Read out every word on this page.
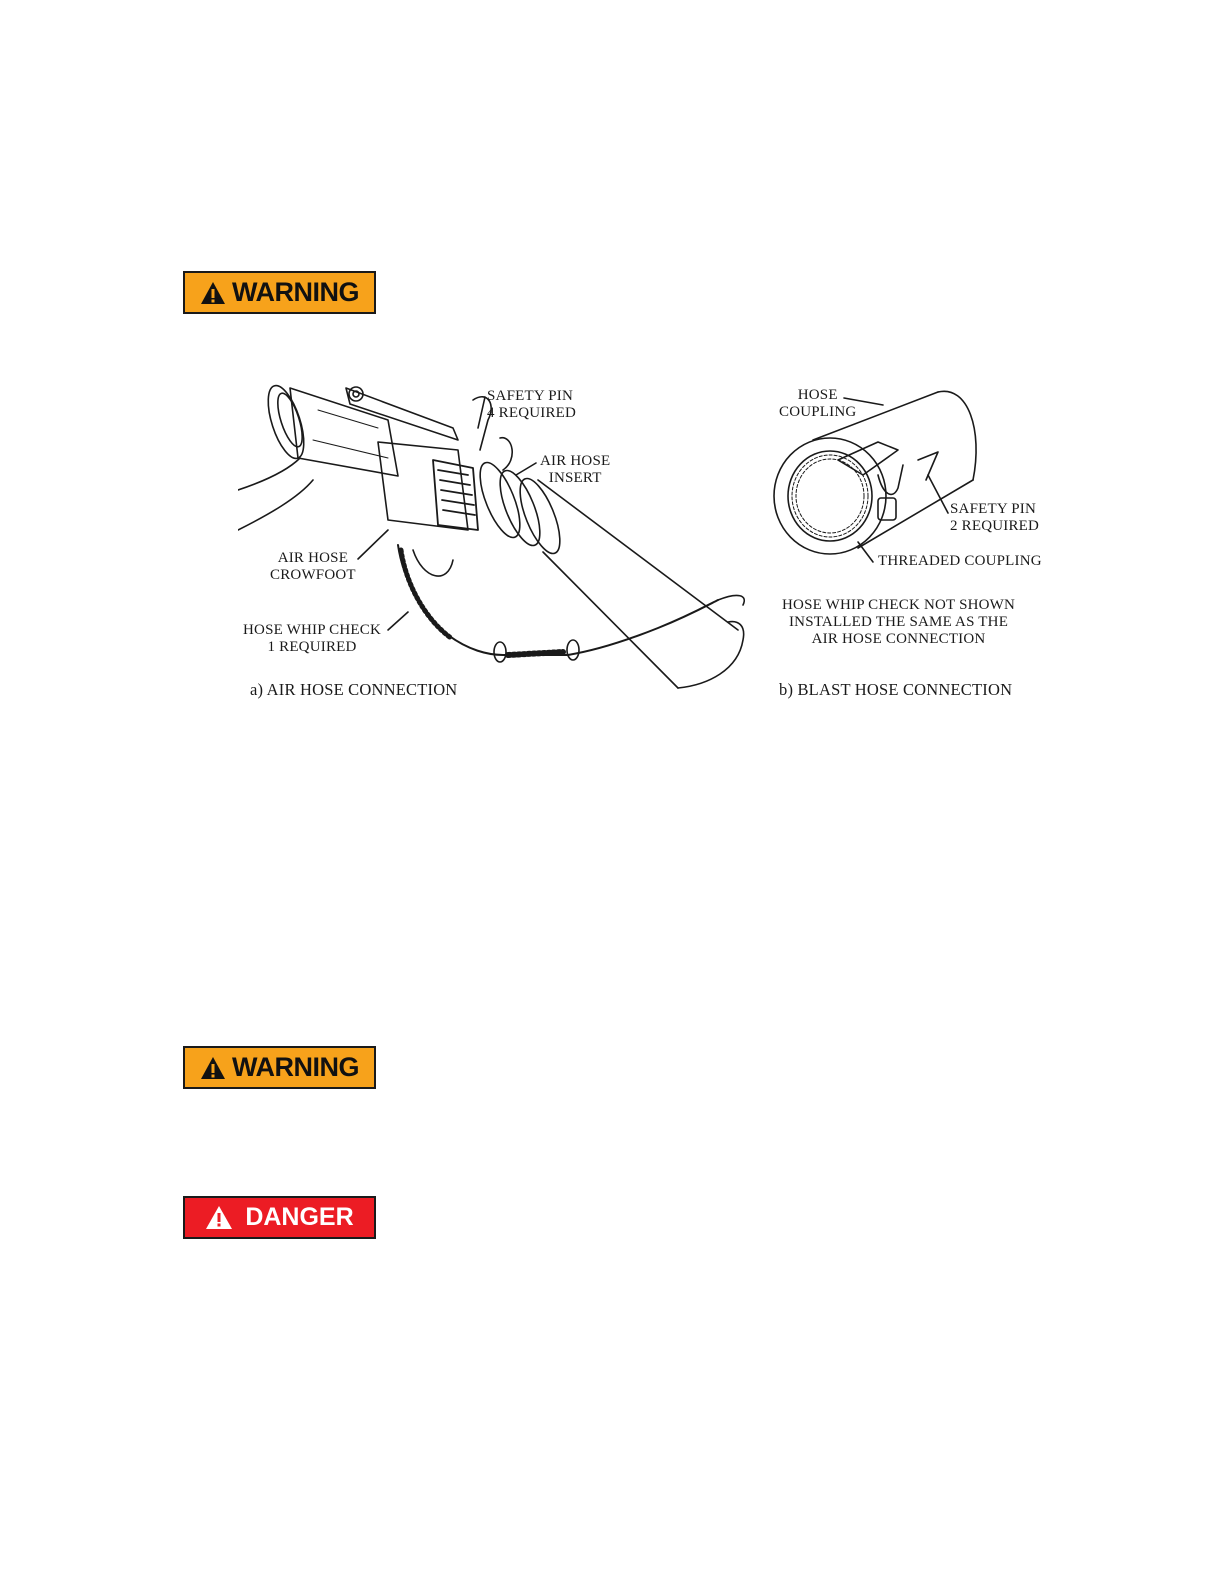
WARNING
SAFETY PIN
4 REQUIRED
AIR HOSE
INSERT
AIR HOSE
CROWFOOT
HOSE WHIP CHECK
1 REQUIRED
a) AIR HOSE CONNECTION
HOSE
COUPLING
SAFETY PIN
2 REQUIRED
THREADED COUPLING
HOSE WHIP CHECK NOT SHOWN
INSTALLED THE SAME AS THE
AIR HOSE CONNECTION
b) BLAST HOSE CONNECTION
WARNING
DANGER
